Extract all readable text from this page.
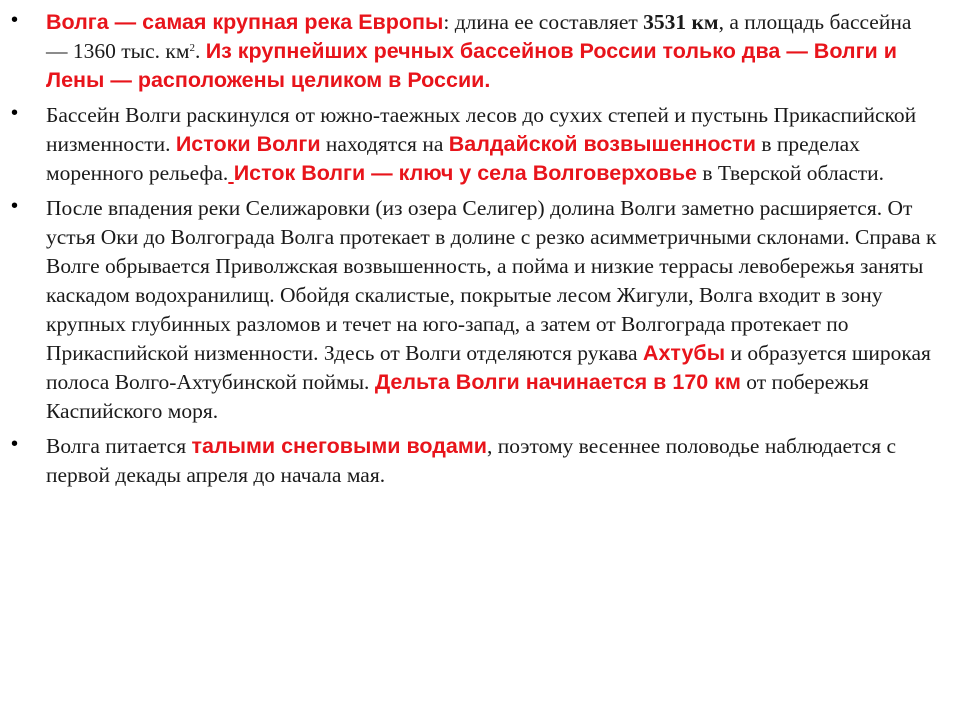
• Волга — самая крупная река Европы: длина ее составляет 3531 км, а площадь бассейна — 1360 тыс. $км^2$. Из крупнейших речных бассейнов России только два — Волги и Лены — расположены целиком в России.
• Бассейн Волги раскинулся от южно-таежных лесов до сухих степей и пустынь Прикаспийской низменности. Истоки Волги находятся на Валдайской возвышенности в пределах моренного рельефа. Исток Волги — ключ у села Волговерховье в Тверской области.
• После впадения реки Селижаровки (из озера Селигер) долина Волги заметно расширяется. От устья Оки до Волгограда Волга протекает в долине с резко асимметричными склонами. Справа к Волге обрывается Приволжская возвышенность, а пойма и низкие террасы левобережья заняты каскадом водохранилищ. Обойдя скалистые, покрытые лесом Жигули, Волга входит в зону крупных глубинных разломов и течет на юго-запад, а затем от Волгограда протекает по Прикаспийской низменности. Здесь от Волги отделяются рукава Ахтубы и образуется широкая полоса Волго-Ахтубинской поймы. Дельта Волги начинается в 170 км от побережья Каспийского моря.
• Волга питается талыми снеговыми водами, поэтому весеннее половодье наблюдается с первой декады апреля до начала мая.
